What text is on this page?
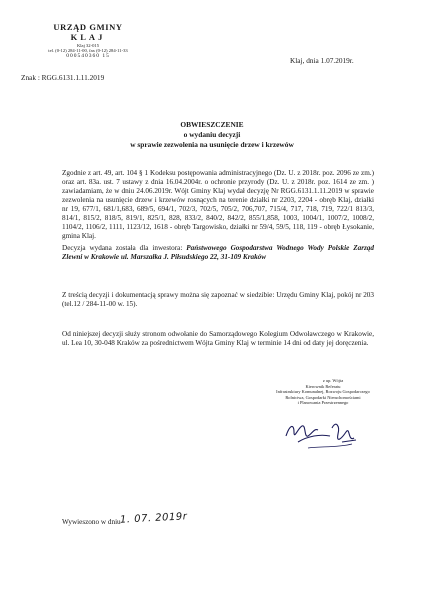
URZĄD GMINY
KLAJ
Klaj 32-015
tel. (0-12) 284-11-00, fax (0-12) 284-11-33
000540360 15
Znak : RGG.6131.1.11.2019
Klaj, dnia 1.07.2019r.
OBWIESZCZENIE
o wydaniu decyzji
w sprawie zezwolenia na usunięcie drzew i krzewów
Zgodnie z art. 49, art. 104 § 1 Kodeksu postępowania administracyjnego (Dz. U. z 2018r. poz. 2096 ze zm.) oraz art. 83a. ust. 7 ustawy z dnia 16.04.2004r. o ochronie przyrody (Dz. U. z 2018r. poz. 1614 ze zm. ) zawiadamiam, że w dniu 24.06.2019r. Wójt Gminy Klaj wydał decyzję Nr RGG.6131.1.11.2019 w sprawie zezwolenia na usunięcie drzew i krzewów rosnących na terenie działki nr 2203, 2204 - obręb Klaj, działki nr 19, 677/1, 681/1,683, 689/5, 694/1, 702/3, 702/5, 705/2, 706,707, 715/4, 717, 718, 719, 722/1 813/3, 814/1, 815/2, 818/5, 819/1, 825/1, 828, 833/2, 840/2, 842/2, 855/1,858, 1003, 1004/1, 1007/2, 1008/2, 1104/2, 1106/2, 1111, 1123/12, 1618 - obręb Targowisko, działki nr 59/4, 59/5, 118, 119 - obręb Łysokanie, gmina Klaj.
Decyzja wydana została dla inwestora: Państwowego Gospodarstwa Wodnego Wody Polskie Zarząd Zlewni w Krakowie ul. Marszałka J. Piłsudskiego 22, 31-109 Kraków
Z treścią decyzji i dokumentacją sprawy można się zapoznać w siedzibie: Urzędu Gminy Klaj, pokój nr 203 (tel.12 / 284-11-00 w. 15).
Od niniejszej decyzji służy stronom odwołanie do Samorządowego Kolegium Odwoławczego w Krakowie, ul. Lea 10, 30-048 Kraków za pośrednictwem Wójta Gminy Klaj w terminie 14 dni od daty jej doręczenia.
z up. Wójta
Kierownik Referatu
Infrastruktury Komunalnej, Rozwoju Gospodarczego
Rolnictwa, Gospodarki Nieruchomościami
i Planowania Przestrzennego
Wywieszono w dniu 1. 07. 2019r
